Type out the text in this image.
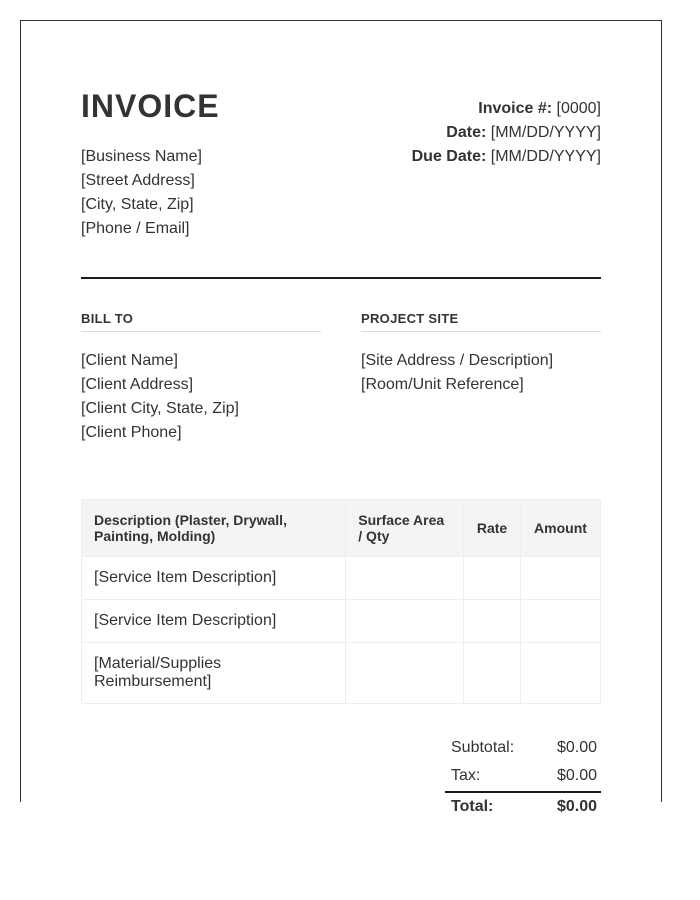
INVOICE
[Business Name]
[Street Address]
[City, State, Zip]
[Phone / Email]
Invoice #: [0000]
Date: [MM/DD/YYYY]
Due Date: [MM/DD/YYYY]
BILL TO
[Client Name]
[Client Address]
[Client City, State, Zip]
[Client Phone]
PROJECT SITE
[Site Address / Description]
[Room/Unit Reference]
Description (Plaster, Drywall, Painting, Molding)	Surface Area / Qty	Rate	Amount
[Service Item Description]			
[Service Item Description]			
[Material/Supplies Reimbursement]			
Subtotal:	$0.00
Tax:	$0.00
Total:	$0.00
